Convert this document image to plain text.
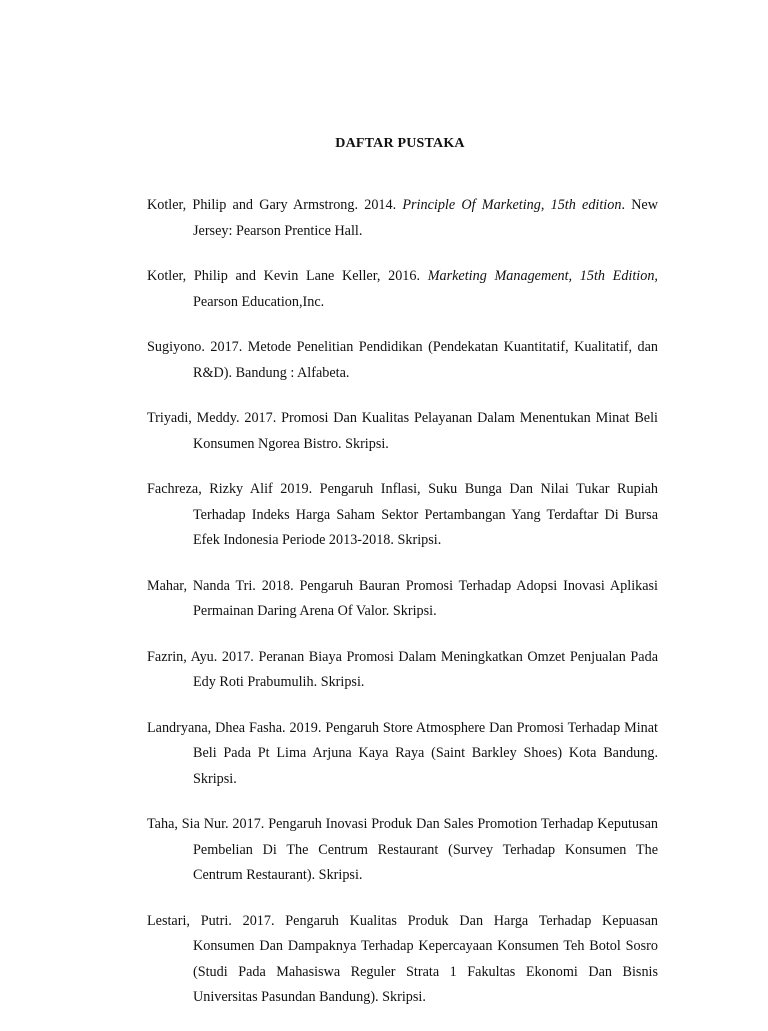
DAFTAR PUSTAKA

Kotler, Philip and Gary Armstrong. 2014. Principle Of Marketing, 15th edition. New Jersey: Pearson Prentice Hall.

Kotler, Philip and Kevin Lane Keller, 2016. Marketing Management, 15th Edition, Pearson Education,Inc.

Sugiyono. 2017. Metode Penelitian Pendidikan (Pendekatan Kuantitatif, Kualitatif, dan R&D). Bandung : Alfabeta.

Triyadi, Meddy. 2017. Promosi Dan Kualitas Pelayanan Dalam Menentukan Minat Beli Konsumen Ngorea Bistro. Skripsi.

Fachreza, Rizky Alif 2019. Pengaruh Inflasi, Suku Bunga Dan Nilai Tukar Rupiah Terhadap Indeks Harga Saham Sektor Pertambangan Yang Terdaftar Di Bursa Efek Indonesia Periode 2013-2018. Skripsi.

Mahar, Nanda Tri. 2018. Pengaruh Bauran Promosi Terhadap Adopsi Inovasi Aplikasi Permainan Daring Arena Of Valor. Skripsi.

Fazrin, Ayu. 2017. Peranan Biaya Promosi Dalam Meningkatkan Omzet Penjualan Pada Edy Roti Prabumulih. Skripsi.

Landryana, Dhea Fasha. 2019. Pengaruh Store Atmosphere Dan Promosi Terhadap Minat Beli Pada Pt Lima Arjuna Kaya Raya (Saint Barkley Shoes) Kota Bandung. Skripsi.

Taha, Sia Nur. 2017. Pengaruh Inovasi Produk Dan Sales Promotion Terhadap Keputusan Pembelian Di The Centrum Restaurant (Survey Terhadap Konsumen The Centrum Restaurant). Skripsi.

Lestari, Putri. 2017. Pengaruh Kualitas Produk Dan Harga Terhadap Kepuasan Konsumen Dan Dampaknya Terhadap Kepercayaan Konsumen Teh Botol Sosro (Studi Pada Mahasiswa Reguler Strata 1 Fakultas Ekonomi Dan Bisnis Universitas Pasundan Bandung). Skripsi.
